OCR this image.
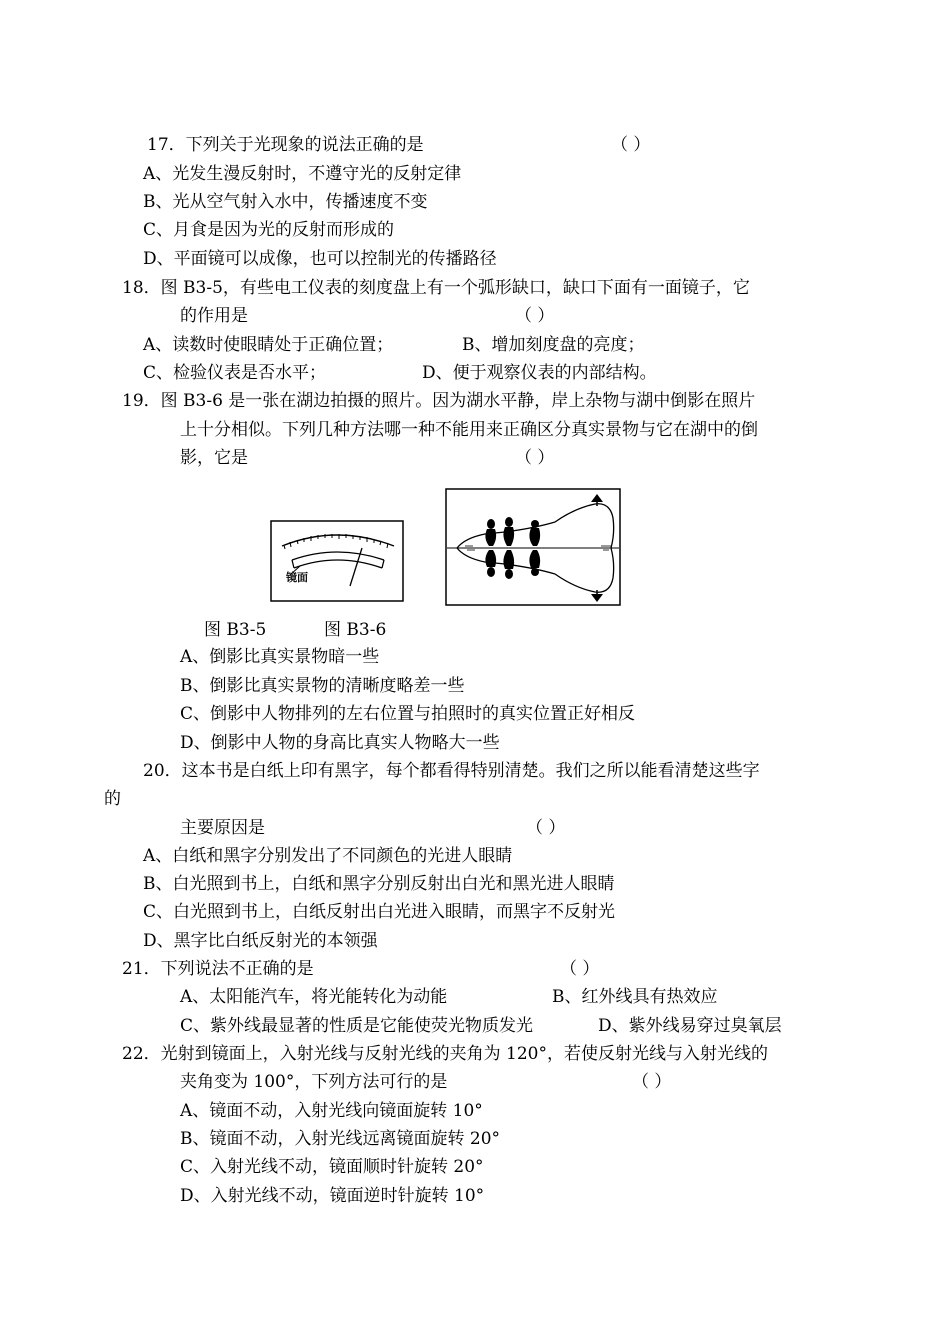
17．下列关于光现象的说法正确的是	（ ）
A、光发生漫反射时，不遵守光的反射定律
B、光从空气射入水中，传播速度不变
C、月食是因为光的反射而形成的
D、平面镜可以成像，也可以控制光的传播路径
18．图 B3-5，有些电工仪表的刻度盘上有一个弧形缺口，缺口下面有一面镜子，它
的作用是	（ ）
A、读数时使眼睛处于正确位置；	B、增加刻度盘的亮度；
C、检验仪表是否水平；	D、便于观察仪表的内部结构。
19．图 B3-6 是一张在湖边拍摄的照片。因为湖水平静，岸上杂物与湖中倒影在照片
上十分相似。下列几种方法哪一种不能用来正确区分真实景物与它在湖中的倒
影，它是	（ ）
镜面
图 B3-5	图 B3-6
A、倒影比真实景物暗一些
B、倒影比真实景物的清晰度略差一些
C、倒影中人物排列的左右位置与拍照时的真实位置正好相反
D、倒影中人物的身高比真实人物略大一些
20．这本书是白纸上印有黑字，每个都看得特别清楚。我们之所以能看清楚这些字
的
主要原因是	（ ）
A、白纸和黑字分别发出了不同颜色的光进人眼睛
B、白光照到书上，白纸和黑字分别反射出白光和黑光进人眼睛
C、白光照到书上，白纸反射出白光进入眼睛，而黑字不反射光
D、黑字比白纸反射光的本领强
21．下列说法不正确的是	（ ）
A、太阳能汽车，将光能转化为动能	B、红外线具有热效应
C、紫外线最显著的性质是它能使荧光物质发光	D、紫外线易穿过臭氧层
22．光射到镜面上，入射光线与反射光线的夹角为 120°，若使反射光线与入射光线的
夹角变为 100°，下列方法可行的是	（ ）
A、镜面不动，入射光线向镜面旋转 10°
B、镜面不动，入射光线远离镜面旋转 20°
C、入射光线不动，镜面顺时针旋转 20°
D、入射光线不动，镜面逆时针旋转 10°
